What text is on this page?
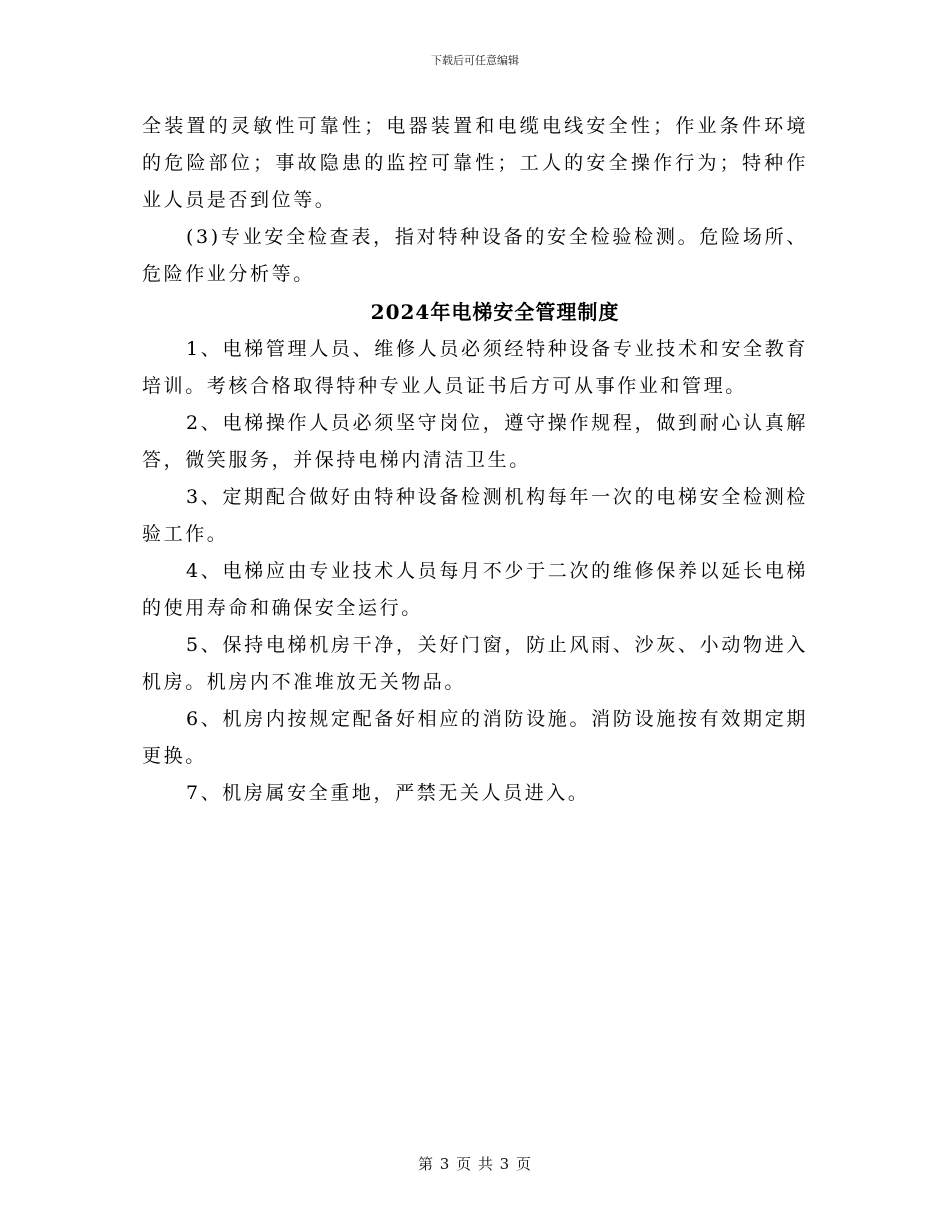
下载后可任意编辑

全装置的灵敏性可靠性；电器装置和电缆电线安全性；作业条件环境的危险部位；事故隐患的监控可靠性；工人的安全操作行为；特种作业人员是否到位等。

(3)专业安全检查表，指对特种设备的安全检验检测。危险场所、危险作业分析等。

2024年电梯安全管理制度

1、电梯管理人员、维修人员必须经特种设备专业技术和安全教育培训。考核合格取得特种专业人员证书后方可从事作业和管理。

2、电梯操作人员必须坚守岗位，遵守操作规程，做到耐心认真解答，微笑服务，并保持电梯内清洁卫生。

3、定期配合做好由特种设备检测机构每年一次的电梯安全检测检验工作。

4、电梯应由专业技术人员每月不少于二次的维修保养以延长电梯的使用寿命和确保安全运行。

5、保持电梯机房干净，关好门窗，防止风雨、沙灰、小动物进入机房。机房内不准堆放无关物品。

6、机房内按规定配备好相应的消防设施。消防设施按有效期定期更换。

7、机房属安全重地，严禁无关人员进入。

第 3 页 共 3 页
